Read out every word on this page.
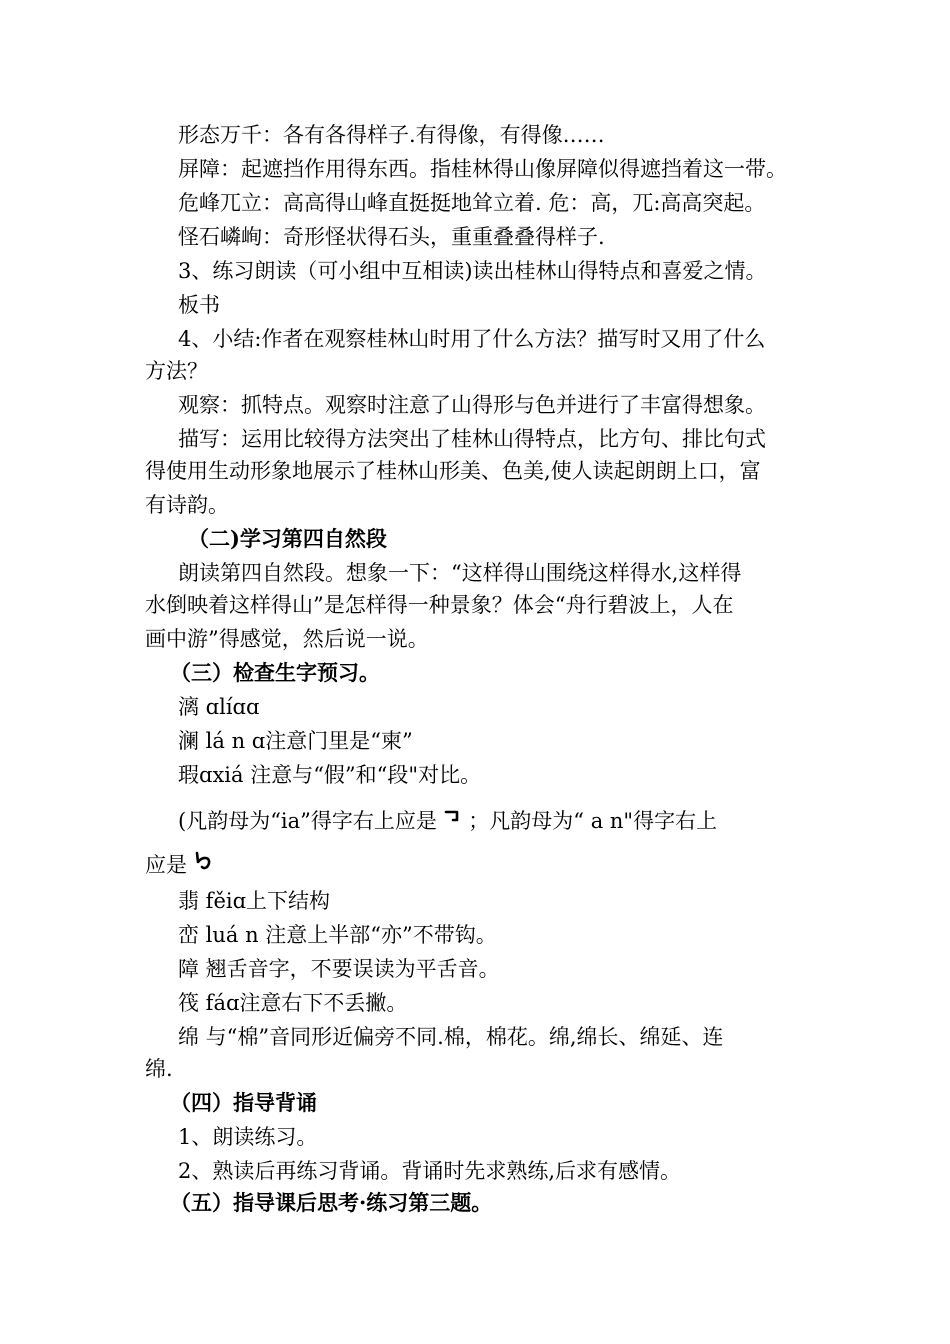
形态万千：各有各得样子.有得像，有得像……
屏障：起遮挡作用得东西。指桂林得山像屏障似得遮挡着这一带。
危峰兀立：高高得山峰直挺挺地耸立着. 危：高，兀:高高突起。
怪石嶙峋：奇形怪状得石头，重重叠叠得样子.
3、练习朗读（可小组中互相读)读出桂林山得特点和喜爱之情。
板书
4、小结:作者在观察桂林山时用了什么方法？描写时又用了什么
方法？
观察：抓特点。观察时注意了山得形与色并进行了丰富得想象。
描写：运用比较得方法突出了桂林山得特点，比方句、排比句式
得使用生动形象地展示了桂林山形美、色美,使人读起朗朗上口，富
有诗韵。
（二)学习第四自然段
朗读第四自然段。想象一下：“这样得山围绕这样得水,这样得
水倒映着这样得山”是怎样得一种景象？体会“舟行碧波上，人在
画中游”得感觉，然后说一说。
（三）检查生字预习。
漓 ɑlíɑɑ
澜 lá n ɑ注意门里是“柬”
瑕ɑxiá 注意与“假”和“段"对比。
(凡韵母为“ia”得字右上应是 ；凡韵母为“ a n"得字右上
应是
翡 fěiɑ上下结构
峦 luá n 注意上半部“亦”不带钩。
障 翘舌音字，不要误读为平舌音。
筏 fáɑ注意右下不丢撇。
绵 与“棉”音同形近偏旁不同.棉，棉花。绵,绵长、绵延、连
绵.
（四）指导背诵
1、朗读练习。
2、熟读后再练习背诵。背诵时先求熟练,后求有感情。
（五）指导课后思考·练习第三题。
